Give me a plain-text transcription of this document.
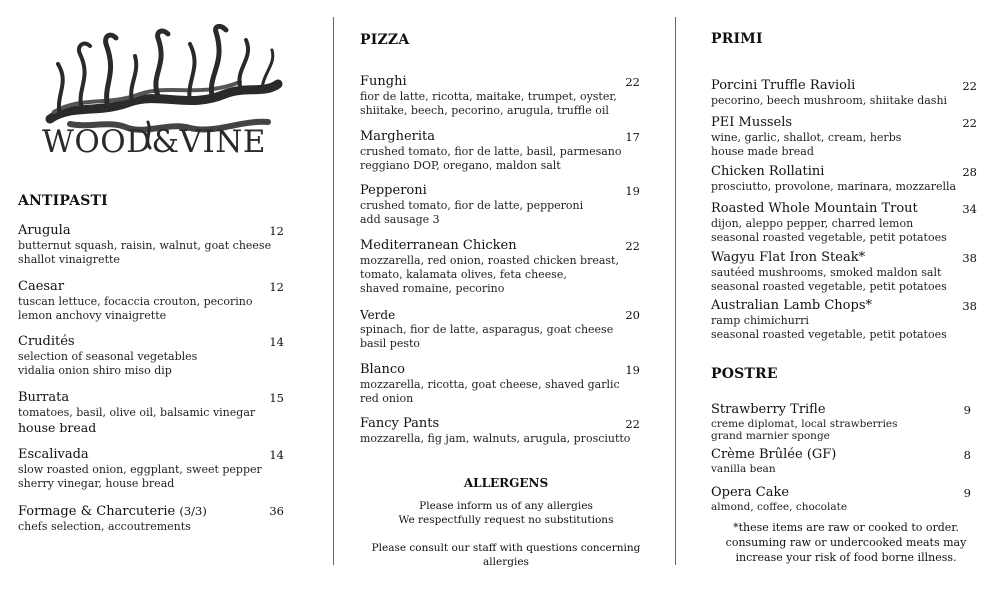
WOOD&VINE
ANTIPASTI
Arugula
butternut squash, raisin, walnut, goat cheese
shallot vinaigrette
12
Caesar
tuscan lettuce, focaccia crouton, pecorino
lemon anchovy vinaigrette
12
Crudités
selection of seasonal vegetables
vidalia onion shiro miso dip
14
Burrata
tomatoes, basil, olive oil, balsamic vinegar
house bread
15
Escalivada
slow roasted onion, eggplant, sweet pepper
sherry vinegar, house bread
14
Formage & Charcuterie (3/3)
chefs selection, accoutrements
36
PIZZA
Funghi
fior de latte, ricotta, maitake, trumpet, oyster,
shiitake, beech, pecorino, arugula, truffle oil
22
Margherita
crushed tomato, fior de latte, basil, parmesano
reggiano DOP, oregano, maldon salt
17
Pepperoni
crushed tomato, fior de latte, pepperoni
add sausage 3
19
Mediterranean Chicken
mozzarella, red onion, roasted chicken breast,
tomato, kalamata olives, feta cheese,
shaved romaine, pecorino
22
Verde
spinach, fior de latte, asparagus, goat cheese
basil pesto
20
Blanco
mozzarella, ricotta, goat cheese, shaved garlic
red onion
19
Fancy Pants
mozzarella, fig jam, walnuts, arugula, prosciutto
22
ALLERGENS
Please inform us of any allergies
We respectfully request no substitutions
Please consult our staff with questions concerning allergies
PRIMI
Porcini Truffle Ravioli
pecorino, beech mushroom, shiitake dashi
22
PEI Mussels
wine, garlic, shallot, cream, herbs
house made bread
22
Chicken Rollatini
prosciutto, provolone, marinara, mozzarella
28
Roasted Whole Mountain Trout
dijon, aleppo pepper, charred lemon
seasonal roasted vegetable, petit potatoes
34
Wagyu Flat Iron Steak*
sautéed mushrooms, smoked maldon salt
seasonal roasted vegetable, petit potatoes
38
Australian Lamb Chops*
ramp chimichurri
seasonal roasted vegetable, petit potatoes
38
POSTRE
Strawberry Trifle
creme diplomat, local strawberries
grand marnier sponge
9
Crème Brûlée (GF)
vanilla bean
8
Opera Cake
almond, coffee, chocolate
9
*these items are raw or cooked to order.
consuming raw or undercooked meats may
increase your risk of food borne illness.
